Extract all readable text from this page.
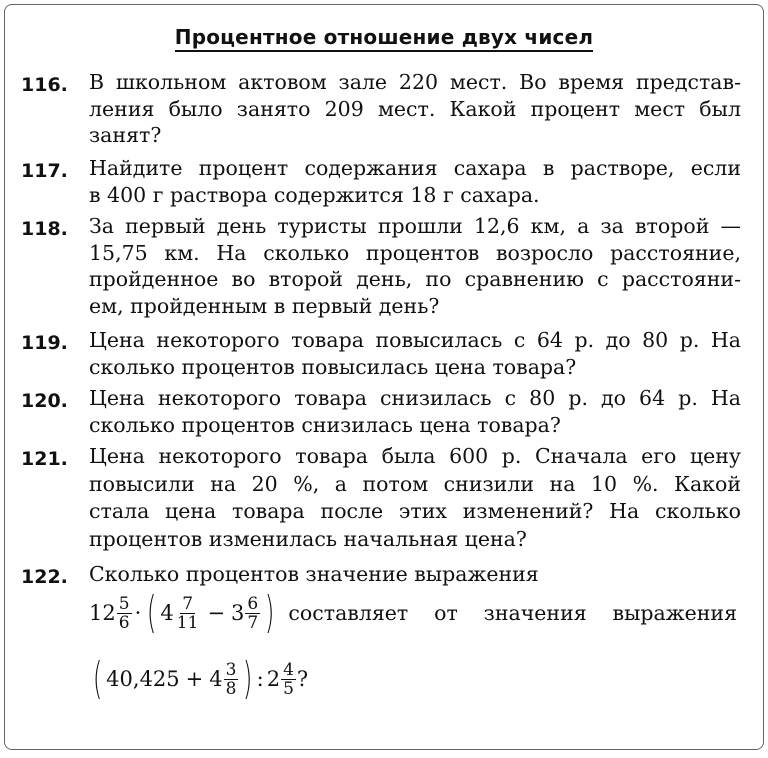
Процентное отношение двух чисел
116. В школьном актовом зале 220 мест. Во время представ-
ления было занято 209 мест. Какой процент мест был
занят?
117. Найдите процент содержания сахара в растворе, если
в 400 г раствора содержится 18 г сахара.
118. За первый день туристы прошли 12,6 км, а за второй —
15,75 км. На сколько процентов возросло расстояние,
пройденное во второй день, по сравнению с расстояни-
ем, пройденным в первый день?
119. Цена некоторого товара повысилась с 64 р. до 80 р. На
сколько процентов повысилась цена товара?
120. Цена некоторого товара снизилась с 80 р. до 64 р. На
сколько процентов снизилась цена товара?
121. Цена некоторого товара была 600 р. Сначала его цену
повысили на 20 %, а потом снизили на 10 %. Какой
стала цена товара после этих изменений? На сколько
процентов изменилась начальная цена?
122. Сколько процентов значение выражения
$12 \frac{5}{6}$ · ( $4 \frac{7}{11} - 3 \frac{6}{7}$ ) составляет от значения выражения
( $40,425 + 4 \frac{3}{8}$ ) : $2 \frac{4}{5}$ ?
